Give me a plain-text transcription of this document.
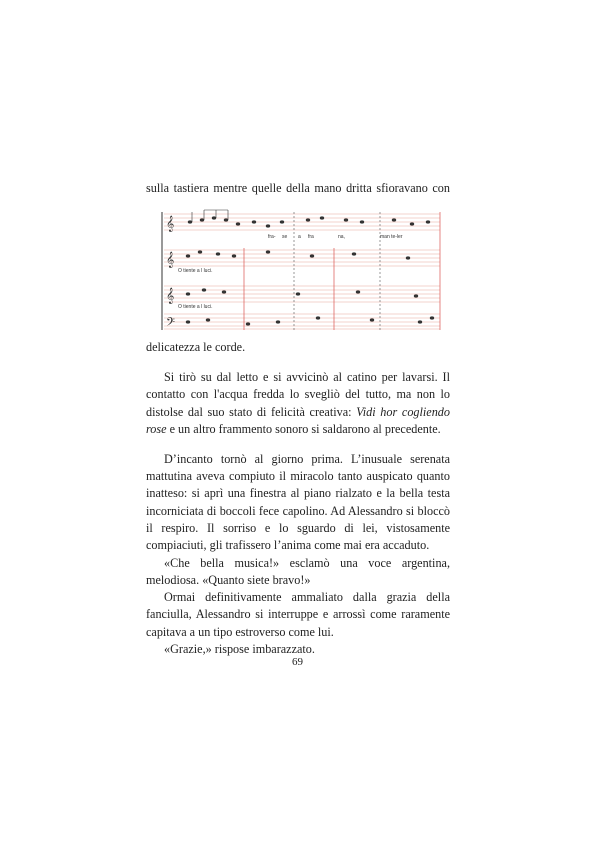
sulla tastiera mentre quelle della mano dritta sfioravano con
𝄞
𝄞
𝄞
𝄢
fra- se a fra	na,	man te-ler
O tiente a l luci.
O tiente a l luci.
delicatezza le corde.
Si tirò su dal letto e si avvicinò al catino per lavarsi. Il
contatto con l'acqua fredda lo svegliò del tutto, ma non lo
distolse dal suo stato di felicità creativa: Vidi hor cogliendo
rose e un altro frammento sonoro si saldarono al precedente.
D’incanto tornò al giorno prima. L’inusuale serenata
mattutina aveva compiuto il miracolo tanto auspicato quanto
inatteso: si aprì una finestra al piano rialzato e la bella testa
incorniciata di boccoli fece capolino. Ad Alessandro si bloccò
il respiro. Il sorriso e lo sguardo di lei, vistosamente
compiaciuti, gli trafissero l’anima come mai era accaduto.
«Che bella musica!» esclamò una voce argentina,
melodiosa. «Quanto siete bravo!»
Ormai definitivamente ammaliato dalla grazia della
fanciulla, Alessandro si interruppe e arrossì come raramente
capitava a un tipo estroverso come lui.
«Grazie,» rispose imbarazzato.
69
